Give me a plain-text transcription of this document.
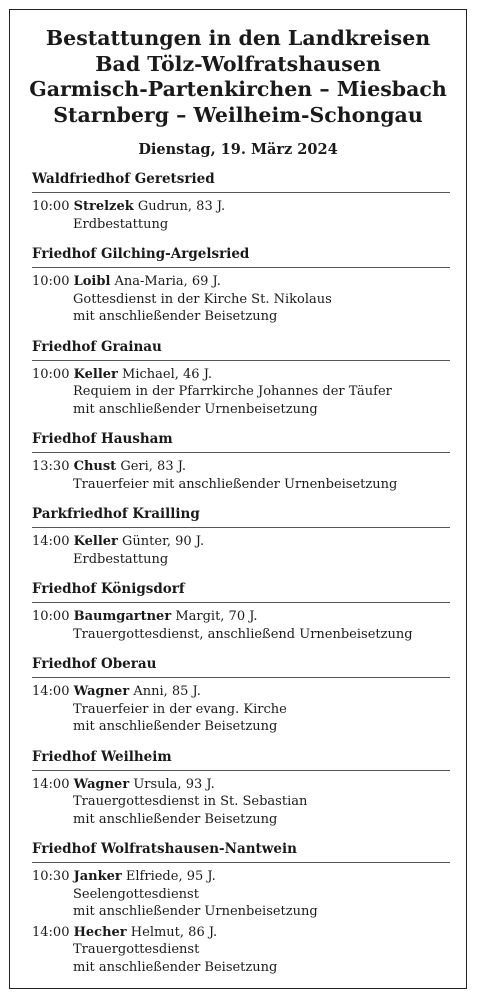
Bestattungen in den Landkreisen
Bad Tölz-Wolfratshausen
Garmisch-Partenkirchen – Miesbach
Starnberg – Weilheim-Schongau
Dienstag, 19. März 2024
Waldfriedhof Geretsried
10:00 Strelzek Gudrun, 83 J.
Erdbestattung
Friedhof Gilching-Argelsried
10:00 Loibl Ana-Maria, 69 J.
Gottesdienst in der Kirche St. Nikolaus
mit anschließender Beisetzung
Friedhof Grainau
10:00 Keller Michael, 46 J.
Requiem in der Pfarrkirche Johannes der Täufer
mit anschließender Urnenbeisetzung
Friedhof Hausham
13:30 Chust Geri, 83 J.
Trauerfeier mit anschließender Urnenbeisetzung
Parkfriedhof Krailling
14:00 Keller Günter, 90 J.
Erdbestattung
Friedhof Königsdorf
10:00 Baumgartner Margit, 70 J.
Trauergottesdienst, anschließend Urnenbeisetzung
Friedhof Oberau
14:00 Wagner Anni, 85 J.
Trauerfeier in der evang. Kirche
mit anschließender Beisetzung
Friedhof Weilheim
14:00 Wagner Ursula, 93 J.
Trauergottesdienst in St. Sebastian
mit anschließender Beisetzung
Friedhof Wolfratshausen-Nantwein
10:30 Janker Elfriede, 95 J.
Seelengottesdienst
mit anschließender Urnenbeisetzung
14:00 Hecher Helmut, 86 J.
Trauergottesdienst
mit anschließender Beisetzung
